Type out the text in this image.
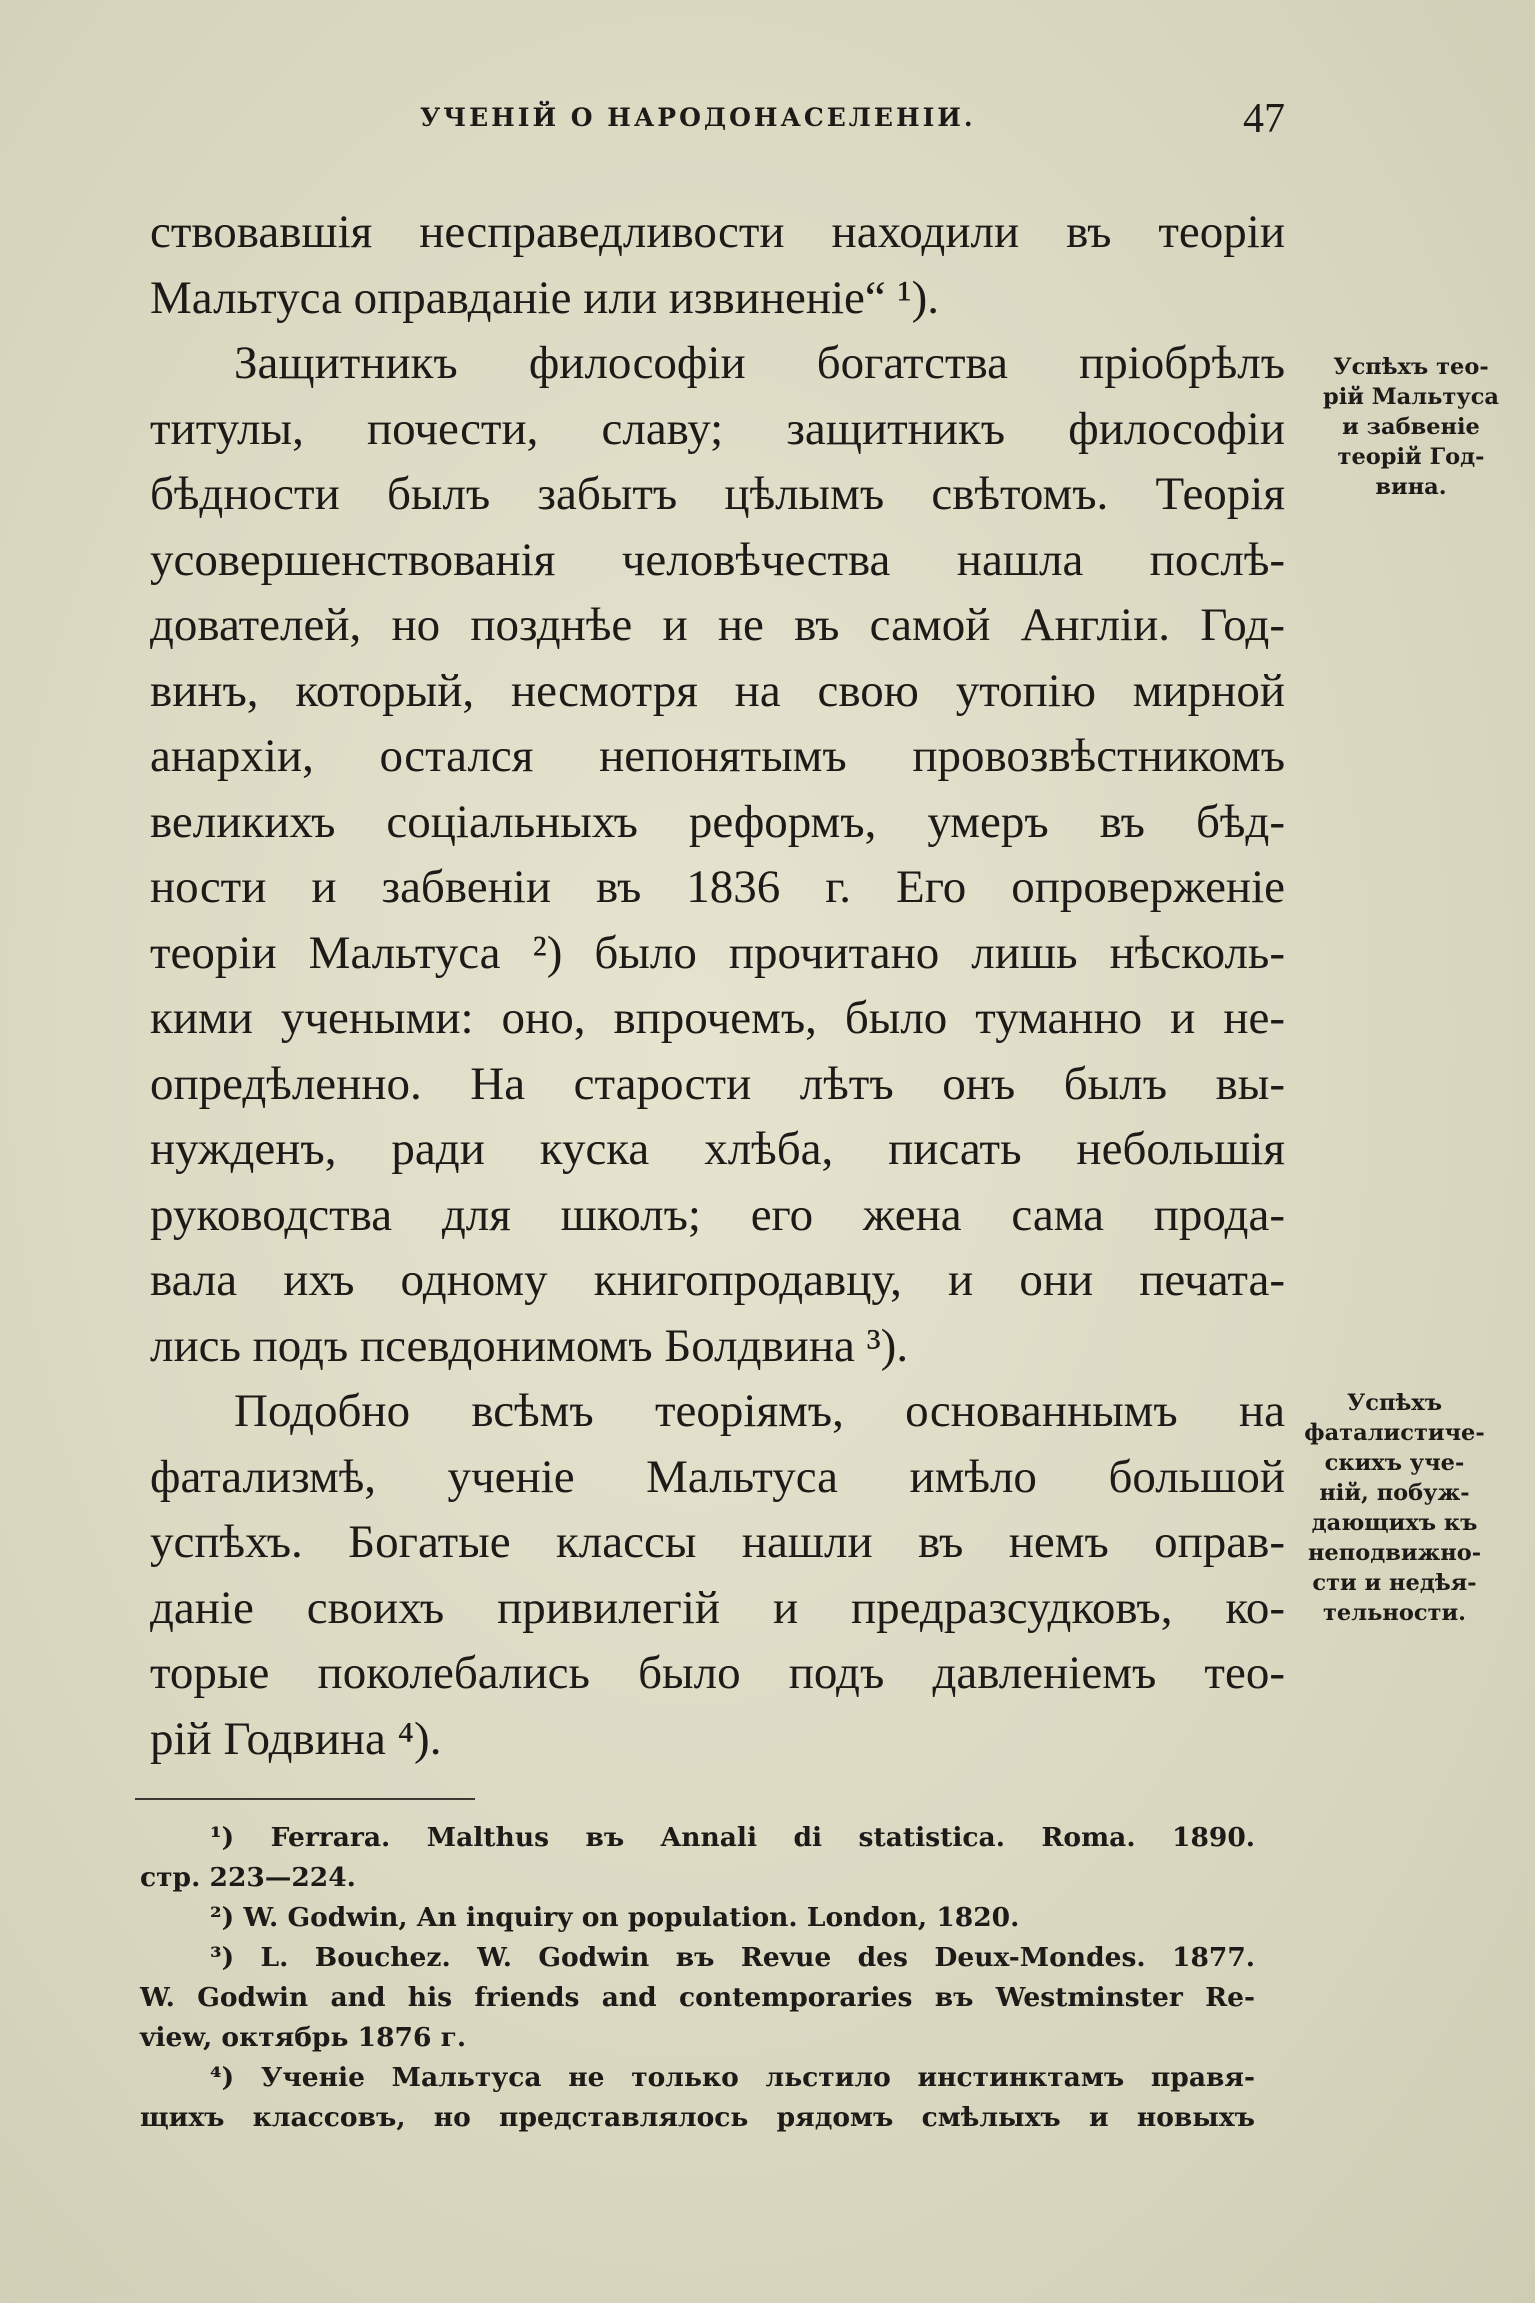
УЧЕНІЙ О НАРОДОНАСЕЛЕНІИ.	47
ствовавшія несправедливости находили въ теоріи
Мальтуса оправданіе или извиненіе“ ¹).
Защитникъ философіи богатства пріобрѣлъ
титулы, почести, славу; защитникъ философіи
бѣдности былъ забытъ цѣлымъ свѣтомъ. Теорія
усовершенствованія человѣчества нашла послѣ-
дователей, но позднѣе и не въ самой Англіи. Год-
винъ, который, несмотря на свою утопію мирной
анархіи, остался непонятымъ провозвѣстникомъ
великихъ соціальныхъ реформъ, умеръ въ бѣд-
ности и забвеніи въ 1836 г. Его опроверженіе
теоріи Мальтуса ²) было прочитано лишь нѣсколь-
кими учеными: оно, впрочемъ, было туманно и не-
опредѣленно. На старости лѣтъ онъ былъ вы-
нужденъ, ради куска хлѣба, писать небольшія
руководства для школъ; его жена сама прода-
вала ихъ одному книгопродавцу, и они печата-
лись подъ псевдонимомъ Болдвина ³).
Подобно всѣмъ теоріямъ, основаннымъ на
фатализмѣ, ученіе Мальтуса имѣло большой
успѣхъ. Богатые классы нашли въ немъ оправ-
даніе своихъ привилегій и предразсудковъ, ко-
торые поколебались было подъ давленіемъ тео-
рій Годвина ⁴).
Успѣхъ тео-
рій Мальтуса
и забвеніе
теорій Год-
вина.
Успѣхъ
фаталистиче-
скихъ уче-
ній, побуж-
дающихъ къ
неподвижно-
сти и недѣя-
тельности.
¹) Ferrara. Malthus въ Annali di statistica. Roma. 1890.
стр. 223—224.
²) W. Godwin, An inquiry on population. London, 1820.
³) L. Bouchez. W. Godwin въ Revue des Deux-Mondes. 1877.
W. Godwin and his friends and contemporaries въ Westminster Re-
view, октябрь 1876 г.
⁴) Ученіе Мальтуса не только льстило инстинктамъ правя-
щихъ классовъ, но представлялось рядомъ смѣлыхъ и новыхъ
